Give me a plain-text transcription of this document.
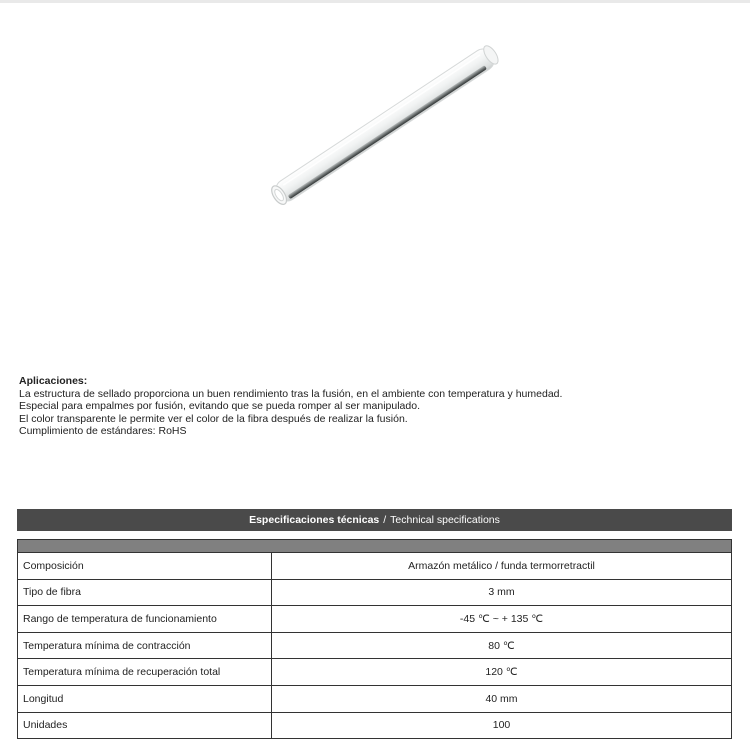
Aplicaciones:
La estructura de sellado proporciona un buen rendimiento tras la fusión, en el ambiente con temperatura y humedad.
Especial para empalmes por fusión, evitando que se pueda romper al ser manipulado.
El color transparente le permite ver el color de la fibra después de realizar la fusión.
Cumplimiento de estándares: RoHS
Especificaciones técnicas / Technical specifications

Composición	Armazón metálico / funda termorretractil
Tipo de fibra	3 mm
Rango de temperatura de funcionamiento	-45 ℃ ~ + 135 ℃
Temperatura mínima de contracción	80 ℃
Temperatura mínima de recuperación total	120 ℃
Longitud	40 mm
Unidades	100
